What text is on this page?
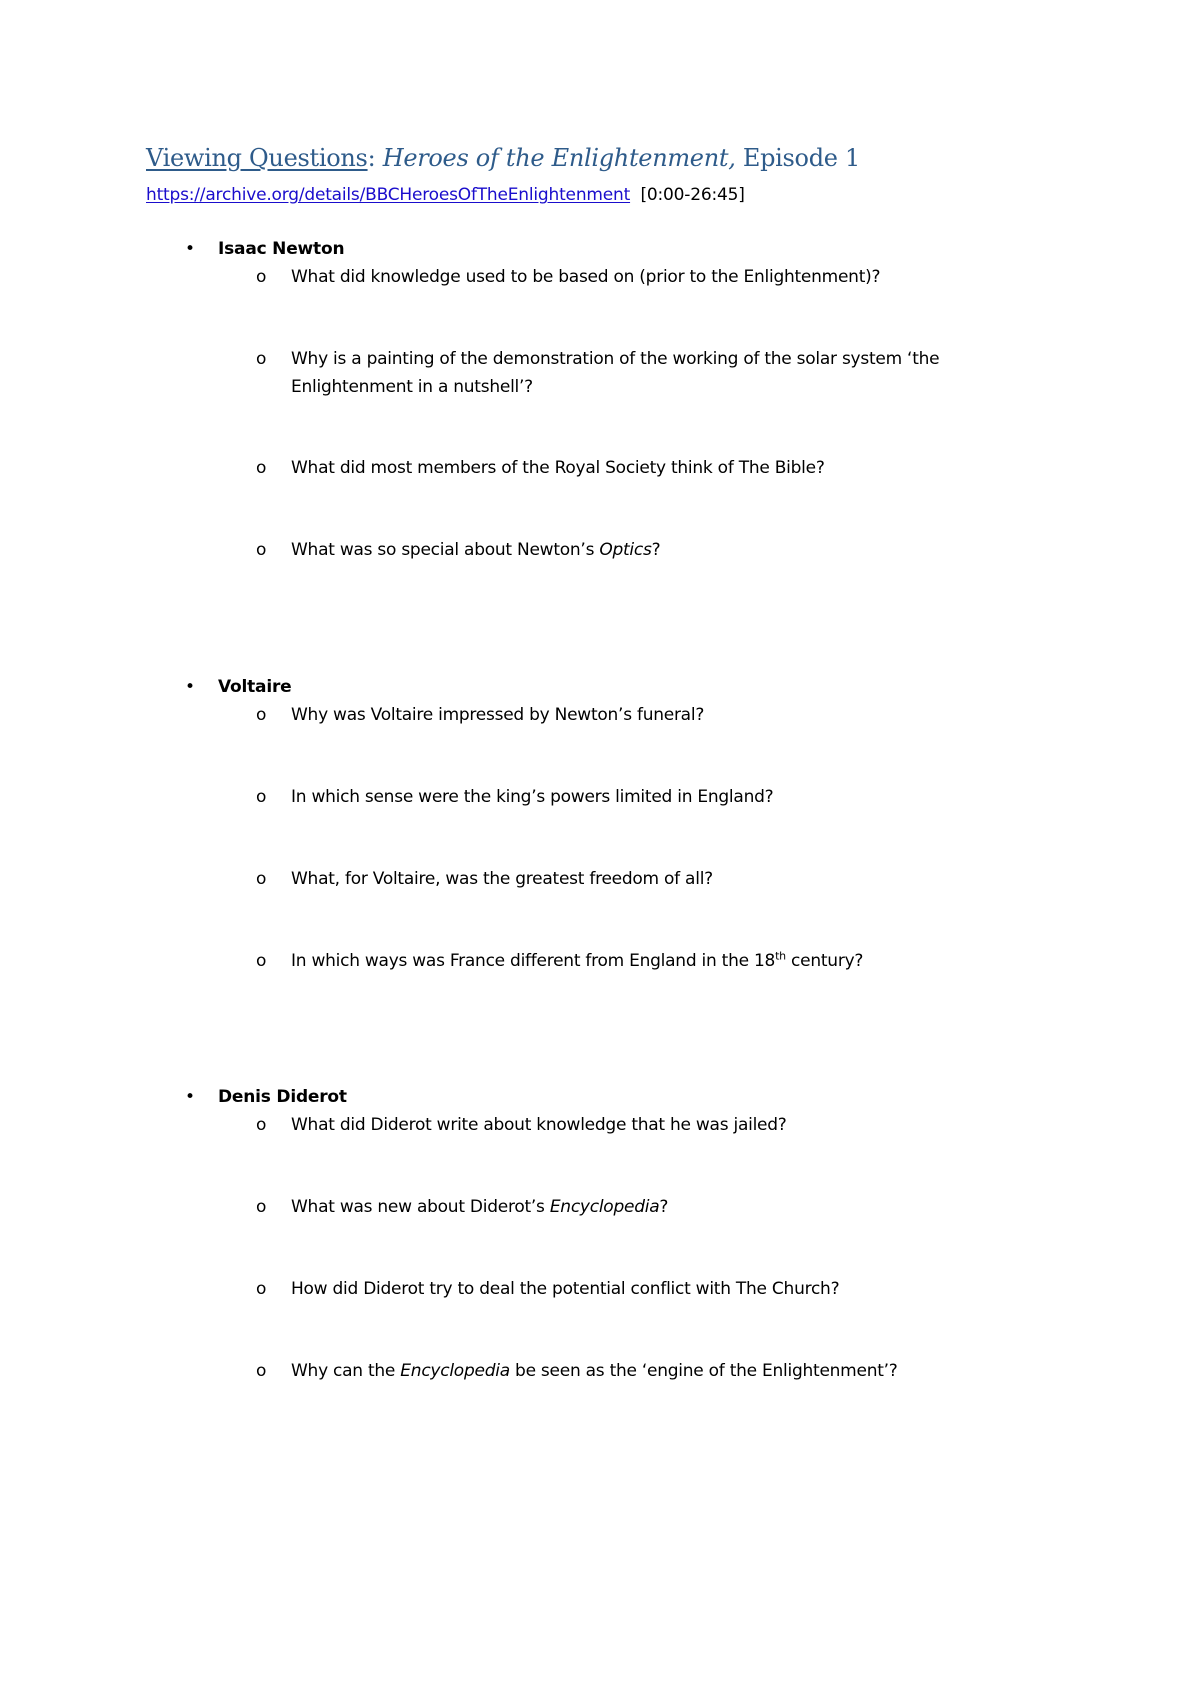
Viewing Questions: Heroes of the Enlightenment, Episode 1
https://archive.org/details/BBCHeroesOfTheEnlightenment [0:00-26:45]
• Isaac Newton
o What did knowledge used to be based on (prior to the Enlightenment)?
o Why is a painting of the demonstration of the working of the solar system ‘the Enlightenment in a nutshell’?
o What did most members of the Royal Society think of The Bible?
o What was so special about Newton’s Optics?
• Voltaire
o Why was Voltaire impressed by Newton’s funeral?
o In which sense were the king’s powers limited in England?
o What, for Voltaire, was the greatest freedom of all?
o In which ways was France different from England in the 18th century?
• Denis Diderot
o What did Diderot write about knowledge that he was jailed?
o What was new about Diderot’s Encyclopedia?
o How did Diderot try to deal the potential conflict with The Church?
o Why can the Encyclopedia be seen as the ‘engine of the Enlightenment’?
